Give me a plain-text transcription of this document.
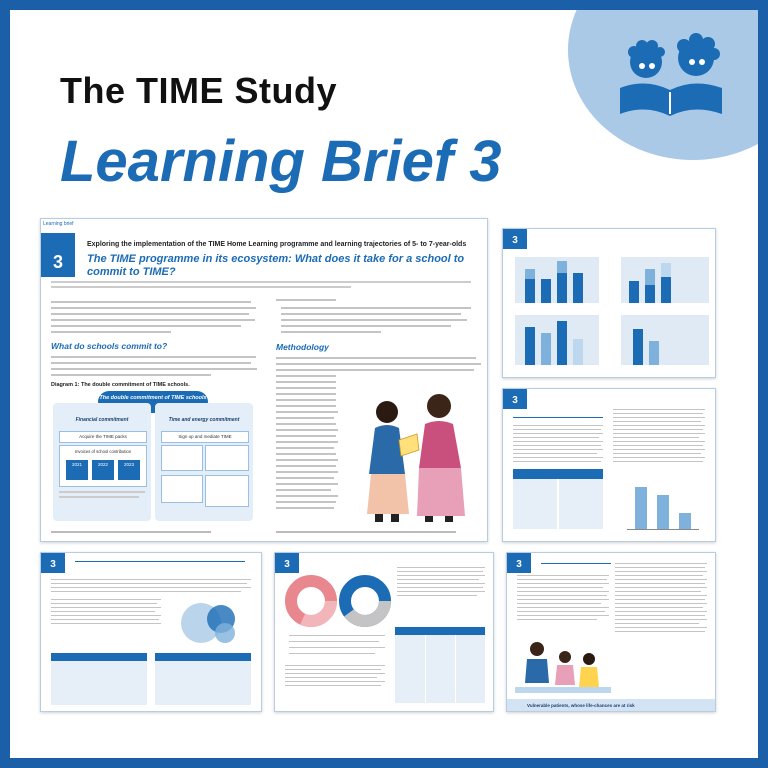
The TIME Study
Learning Brief 3
Learning brief
3
Exploring the implementation of the TIME Home Learning programme and learning trajectories of 5- to 7-year-olds
The TIME programme in its ecosystem: What does it take for a school to commit to TIME?
What do schools commit to?
Diagram 1: The double commitment of TIME schools.
The double commitment of TIME schools
Financial commitment	Time and energy commitment
Acquire the TIME packs	Sign up and mediate TIME
Invoices of school contribution
2021	2022	2023
Methodology
3
3
3	3	3
Vulnerable patients, whose life-chances are at risk
